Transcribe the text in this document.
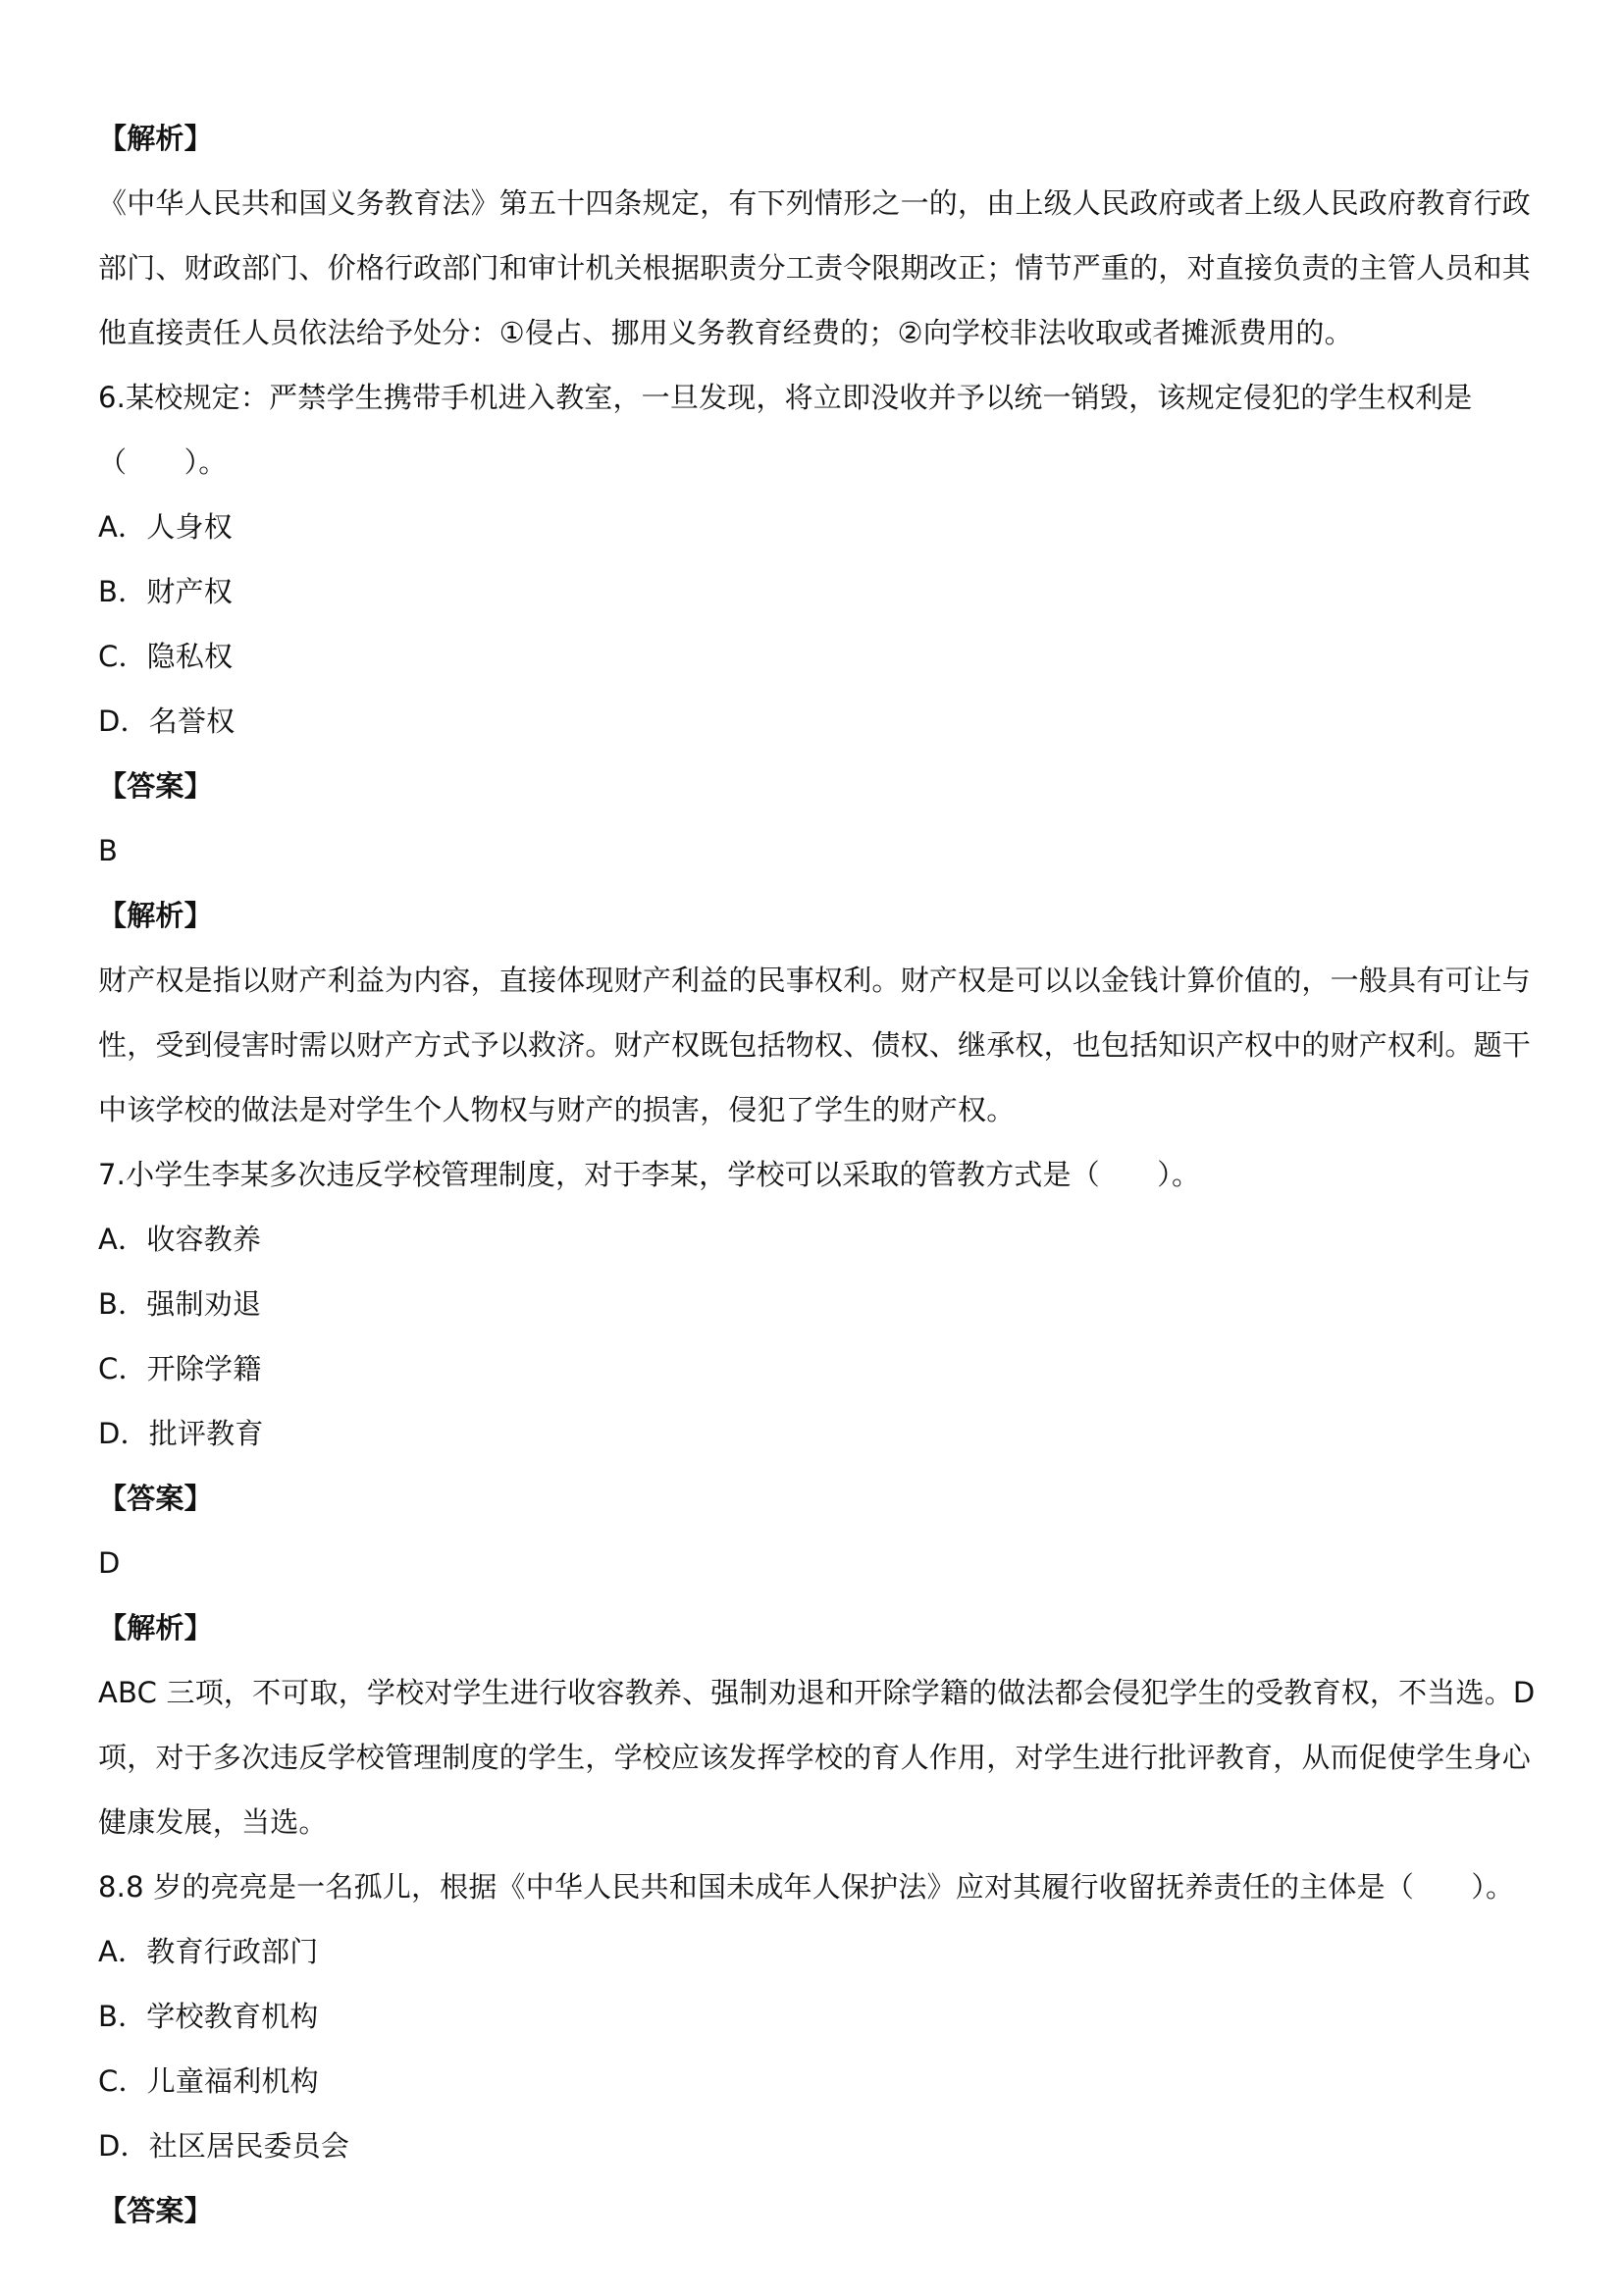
【解析】
《中华人民共和国义务教育法》第五十四条规定，有下列情形之一的，由上级人民政府或者上级人民政府教育行政
部门、财政部门、价格行政部门和审计机关根据职责分工责令限期改正；情节严重的，对直接负责的主管人员和其
他直接责任人员依法给予处分：①侵占、挪用义务教育经费的；②向学校非法收取或者摊派费用的。
6.某校规定：严禁学生携带手机进入教室，一旦发现，将立即没收并予以统一销毁，该规定侵犯的学生权利是
（　　）。
A．人身权
B．财产权
C．隐私权
D．名誉权
【答案】
B
【解析】
财产权是指以财产利益为内容，直接体现财产利益的民事权利。财产权是可以以金钱计算价值的，一般具有可让与
性，受到侵害时需以财产方式予以救济。财产权既包括物权、债权、继承权，也包括知识产权中的财产权利。题干
中该学校的做法是对学生个人物权与财产的损害，侵犯了学生的财产权。
7.小学生李某多次违反学校管理制度，对于李某，学校可以采取的管教方式是（　　）。
A．收容教养
B．强制劝退
C．开除学籍
D．批评教育
【答案】
D
【解析】
ABC 三项，不可取，学校对学生进行收容教养、强制劝退和开除学籍的做法都会侵犯学生的受教育权，不当选。D
项，对于多次违反学校管理制度的学生，学校应该发挥学校的育人作用，对学生进行批评教育，从而促使学生身心
健康发展，当选。
8.8 岁的亮亮是一名孤儿，根据《中华人民共和国未成年人保护法》应对其履行收留抚养责任的主体是（　　）。
A．教育行政部门
B．学校教育机构
C．儿童福利机构
D．社区居民委员会
【答案】
